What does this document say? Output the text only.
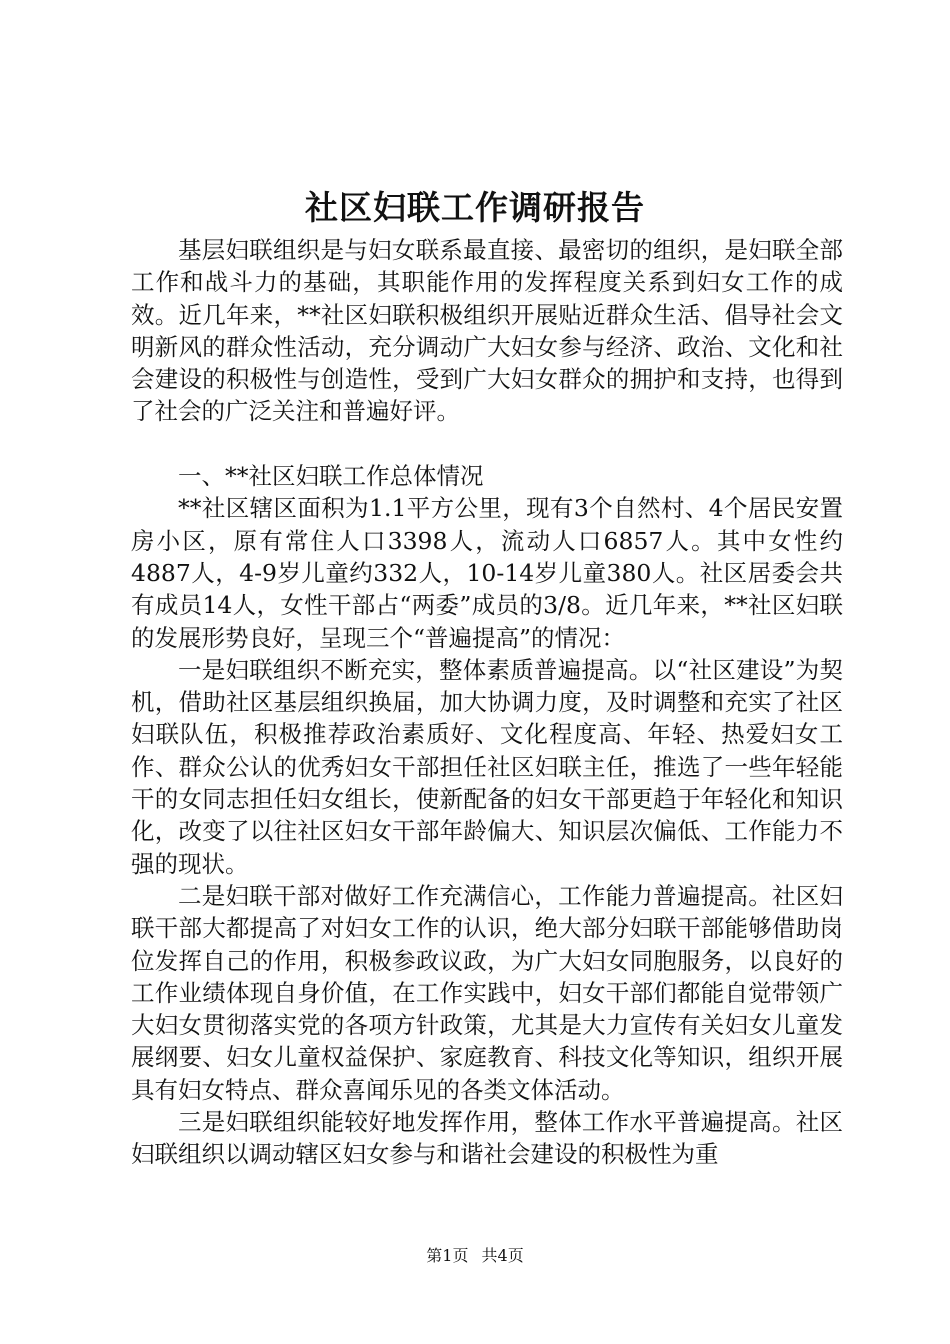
社区妇联工作调研报告

基层妇联组织是与妇女联系最直接、最密切的组织，是妇联全部工作和战斗力的基础，其职能作用的发挥程度关系到妇女工作的成效。近几年来，**社区妇联积极组织开展贴近群众生活、倡导社会文明新风的群众性活动，充分调动广大妇女参与经济、政治、文化和社会建设的积极性与创造性，受到广大妇女群众的拥护和支持，也得到了社会的广泛关注和普遍好评。

一、**社区妇联工作总体情况

**社区辖区面积为1.1平方公里，现有3个自然村、4个居民安置房小区，原有常住人口3398人，流动人口6857人。其中女性约4887人，4-9岁儿童约332人，10-14岁儿童380人。社区居委会共有成员14人，女性干部占“两委”成员的3/8。近几年来，**社区妇联的发展形势良好，呈现三个“普遍提高”的情况：

一是妇联组织不断充实，整体素质普遍提高。以“社区建设”为契机，借助社区基层组织换届，加大协调力度，及时调整和充实了社区妇联队伍，积极推荐政治素质好、文化程度高、年轻、热爱妇女工作、群众公认的优秀妇女干部担任社区妇联主任，推选了一些年轻能干的女同志担任妇女组长，使新配备的妇女干部更趋于年轻化和知识化，改变了以往社区妇女干部年龄偏大、知识层次偏低、工作能力不强的现状。

二是妇联干部对做好工作充满信心，工作能力普遍提高。社区妇联干部大都提高了对妇女工作的认识，绝大部分妇联干部能够借助岗位发挥自己的作用，积极参政议政，为广大妇女同胞服务，以良好的工作业绩体现自身价值，在工作实践中，妇女干部们都能自觉带领广大妇女贯彻落实党的各项方针政策，尤其是大力宣传有关妇女儿童发展纲要、妇女儿童权益保护、家庭教育、科技文化等知识，组织开展具有妇女特点、群众喜闻乐见的各类文体活动。

三是妇联组织能较好地发挥作用，整体工作水平普遍提高。社区妇联组织以调动辖区妇女参与和谐社会建设的积极性为重

第1页 共4页
